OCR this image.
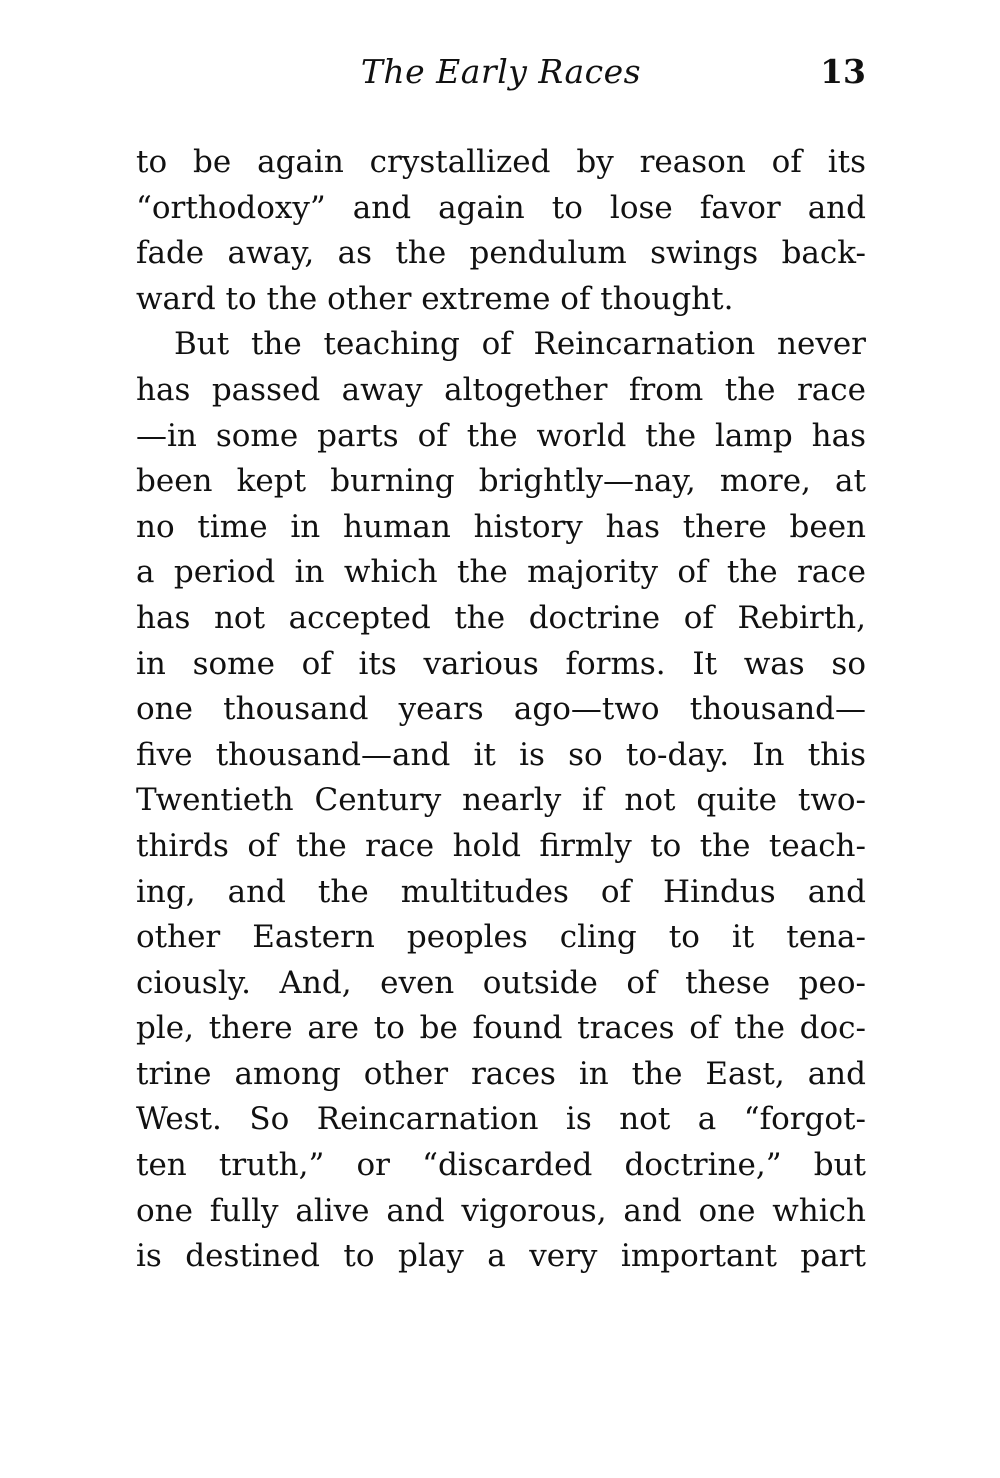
The Early Races	13
to be again crystallized by reason of its
“orthodoxy” and again to lose favor and
fade away, as the pendulum swings back-
ward to the other extreme of thought.
But the teaching of Reincarnation never
has passed away altogether from the race
—in some parts of the world the lamp has
been kept burning brightly—nay, more, at
no time in human history has there been
a period in which the majority of the race
has not accepted the doctrine of Rebirth,
in some of its various forms. It was so
one thousand years ago—two thousand—
five thousand—and it is so to-day. In this
Twentieth Century nearly if not quite two-
thirds of the race hold firmly to the teach-
ing, and the multitudes of Hindus and
other Eastern peoples cling to it tena-
ciously. And, even outside of these peo-
ple, there are to be found traces of the doc-
trine among other races in the East, and
West. So Reincarnation is not a “forgot-
ten truth,” or “discarded doctrine,” but
one fully alive and vigorous, and one which
is destined to play a very important part
